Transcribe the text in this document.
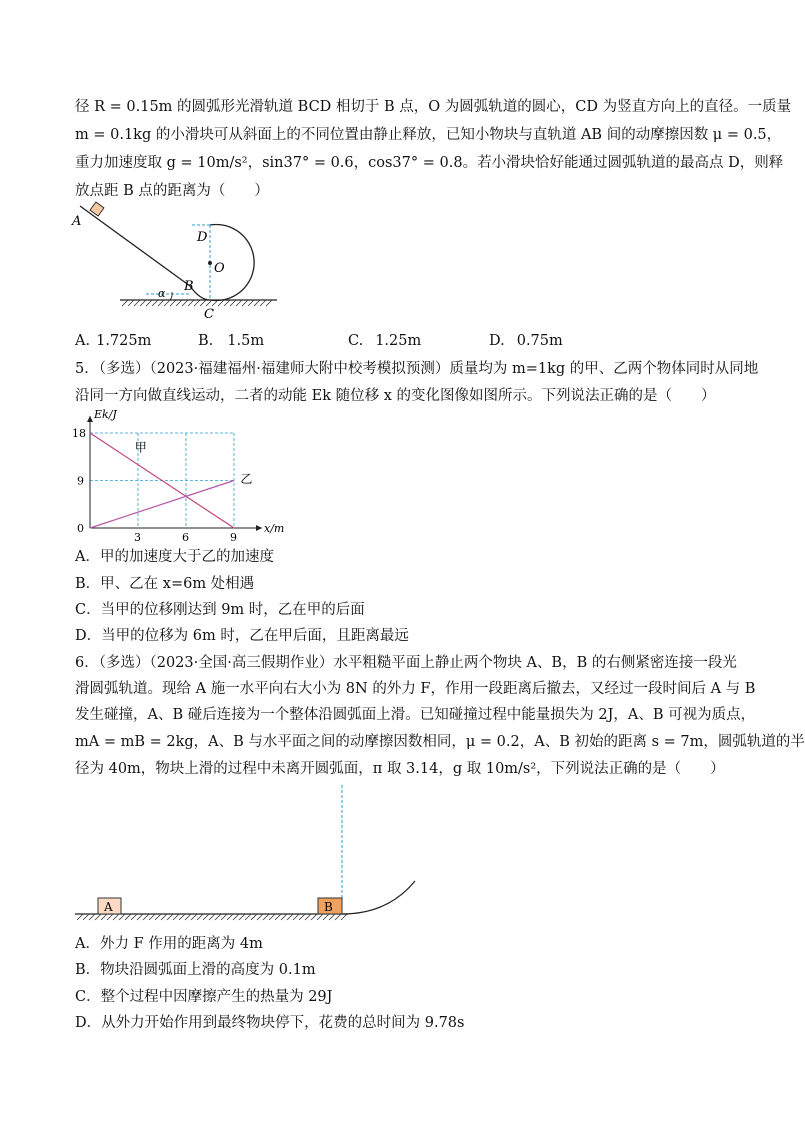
径 R = 0.15m 的圆弧形光滑轨道 BCD 相切于 B 点，O 为圆弧轨道的圆心，CD 为竖直方向上的直径。一质量
m = 0.1kg 的小滑块可从斜面上的不同位置由静止释放，已知小物块与直轨道 AB 间的动摩擦因数 μ = 0.5，
重力加速度取 g = 10m/s²，sin37° = 0.6，cos37° = 0.8。若小滑块恰好能通过圆弧轨道的最高点 D，则释
放点距 B 点的距离为（　　）
A
B
C
D
O
α
A. 1.725m	B. 1.5m	C. 1.25m	D. 0.75m
5．（多选）（2023·福建福州·福建师大附中校考模拟预测）质量均为 m=1kg 的甲、乙两个物体同时从同地
沿同一方向做直线运动，二者的动能 Ek 随位移 x 的变化图像如图所示。下列说法正确的是（　　）
3	6	9
0
9
18
x/m
Ek/J
甲
乙
A．甲的加速度大于乙的加速度
B．甲、乙在 x=6m 处相遇
C．当甲的位移刚达到 9m 时，乙在甲的后面
D．当甲的位移为 6m 时，乙在甲后面，且距离最远
6．（多选）（2023·全国·高三假期作业）水平粗糙平面上静止两个物块 A、B，B 的右侧紧密连接一段光
滑圆弧轨道。现给 A 施一水平向右大小为 8N 的外力 F，作用一段距离后撤去，又经过一段时间后 A 与 B
发生碰撞，A、B 碰后连接为一个整体沿圆弧面上滑。已知碰撞过程中能量损失为 2J，A、B 可视为质点，
mA = mB = 2kg，A、B 与水平面之间的动摩擦因数相同，μ = 0.2，A、B 初始的距离 s = 7m，圆弧轨道的半
径为 40m，物块上滑的过程中未离开圆弧面，π 取 3.14，g 取 10m/s²，下列说法正确的是（　　）
A	B
A．外力 F 作用的距离为 4m
B．物块沿圆弧面上滑的高度为 0.1m
C．整个过程中因摩擦产生的热量为 29J
D．从外力开始作用到最终物块停下，花费的总时间为 9.78s
